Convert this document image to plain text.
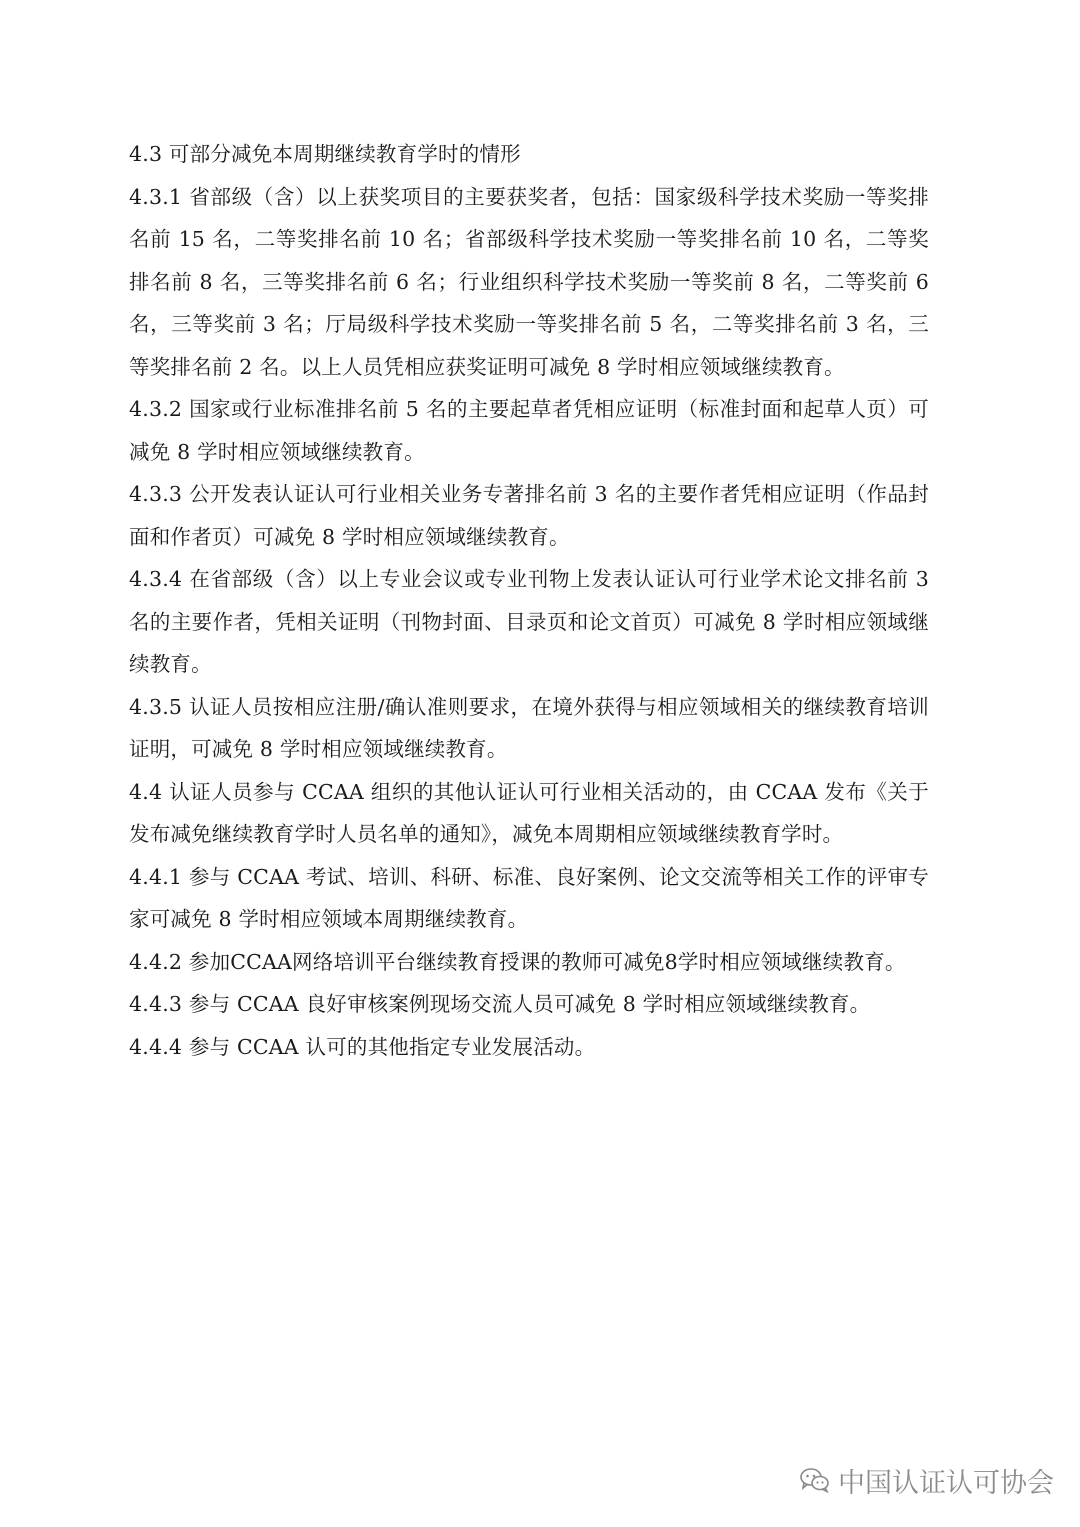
4.3 可部分减免本周期继续教育学时的情形

4.3.1 省部级（含）以上获奖项目的主要获奖者，包括：国家级科学技术奖励一等奖排名前 15 名，二等奖排名前 10 名；省部级科学技术奖励一等奖排名前 10 名，二等奖排名前 8 名，三等奖排名前 6 名；行业组织科学技术奖励一等奖前 8 名，二等奖前 6 名，三等奖前 3 名；厅局级科学技术奖励一等奖排名前 5 名，二等奖排名前 3 名，三等奖排名前 2 名。以上人员凭相应获奖证明可减免 8 学时相应领域继续教育。

4.3.2 国家或行业标准排名前 5 名的主要起草者凭相应证明（标准封面和起草人页）可减免 8 学时相应领域继续教育。

4.3.3 公开发表认证认可行业相关业务专著排名前 3 名的主要作者凭相应证明（作品封面和作者页）可减免 8 学时相应领域继续教育。

4.3.4 在省部级（含）以上专业会议或专业刊物上发表认证认可行业学术论文排名前 3 名的主要作者，凭相关证明（刊物封面、目录页和论文首页）可减免 8 学时相应领域继续教育。

4.3.5 认证人员按相应注册/确认准则要求，在境外获得与相应领域相关的继续教育培训证明，可减免 8 学时相应领域继续教育。

4.4 认证人员参与 CCAA 组织的其他认证认可行业相关活动的，由 CCAA 发布《关于发布减免继续教育学时人员名单的通知》，减免本周期相应领域继续教育学时。

4.4.1 参与 CCAA 考试、培训、科研、标准、良好案例、论文交流等相关工作的评审专家可减免 8 学时相应领域本周期继续教育。

4.4.2 参加CCAA网络培训平台继续教育授课的教师可减免8学时相应领域继续教育。

4.4.3 参与 CCAA 良好审核案例现场交流人员可减免 8 学时相应领域继续教育。

4.4.4 参与 CCAA 认可的其他指定专业发展活动。

中国认证认可协会
